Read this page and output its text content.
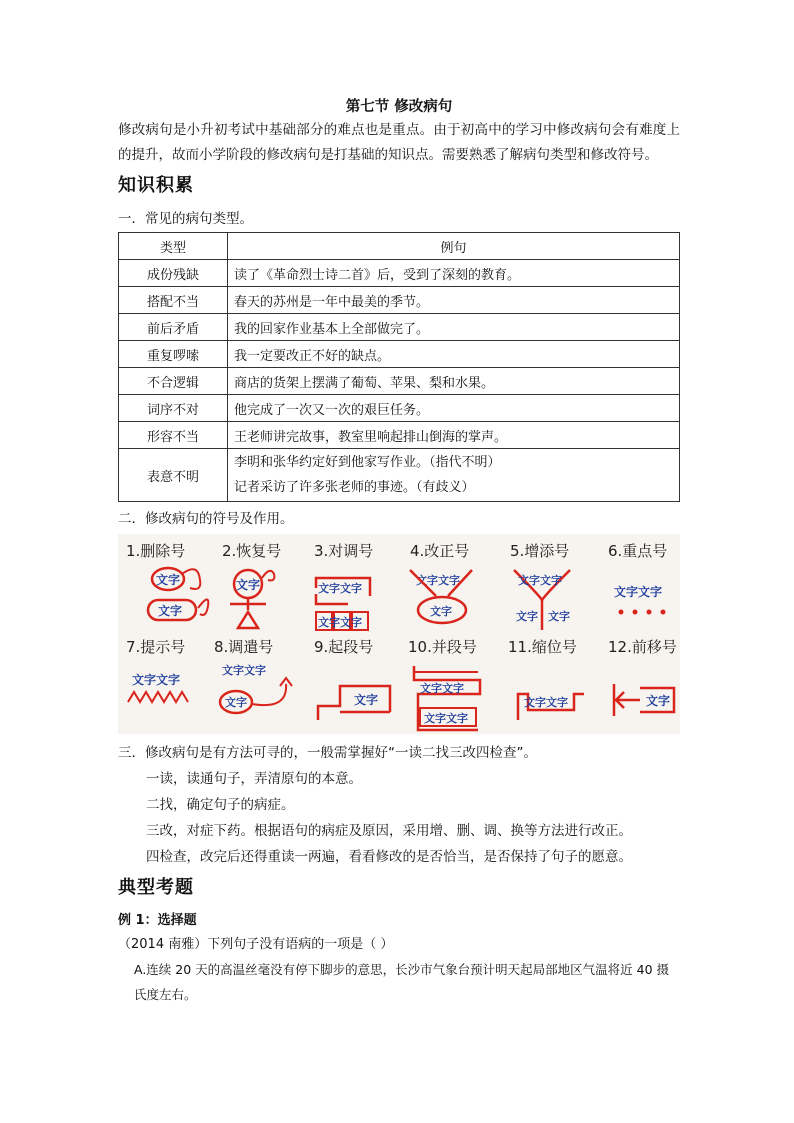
第七节 修改病句

修改病句是小升初考试中基础部分的难点也是重点。由于初高中的学习中修改病句会有难度上的提升，故而小学阶段的修改病句是打基础的知识点。需要熟悉了解病句类型和修改符号。

知识积累
一．常见的病句类型。
类型	例句
成份残缺	读了《革命烈士诗二首》后，受到了深刻的教育。
搭配不当	春天的苏州是一年中最美的季节。
前后矛盾	我的回家作业基本上全部做完了。
重复啰嗦	我一定要改正不好的缺点。
不合逻辑	商店的货架上摆满了葡萄、苹果、梨和水果。
词序不对	他完成了一次又一次的艰巨任务。
形容不当	王老师讲完故事，教室里响起排山倒海的掌声。
表意不明	李明和张华约定好到他家写作业。（指代不明）
记者采访了许多张老师的事迹。（有歧义）
二．修改病句的符号及作用。
1.删除号 2.恢复号 3.对调号 4.改正号	5.增添号	6.重点号
7.提示号 8.调遣号	9.起段号 10.并段号 11.缩位号 12.前移号
文字
文字
文字	文字文字
文字文字
文字文字
文字
文字文字
文字 文字
文字文字
文字文字
文字文字
文字	文字
文字文字
文字文字
文字文字	文字
三．修改病句是有方法可寻的，一般需掌握好“一读二找三改四检查”。

一读，读通句子，弄清原句的本意。

二找，确定句子的病症。

三改，对症下药。根据语句的病症及原因，采用增、删、调、换等方法进行改正。

四检查，改完后还得重读一两遍，看看修改的是否恰当，是否保持了句子的愿意。

典型考题
例 1：选择题

（2014 南雅）下列句子没有语病的一项是（ ）

A.连续 20 天的高温丝毫没有停下脚步的意思，长沙市气象台预计明天起局部地区气温将近 40 摄氏度左右。
